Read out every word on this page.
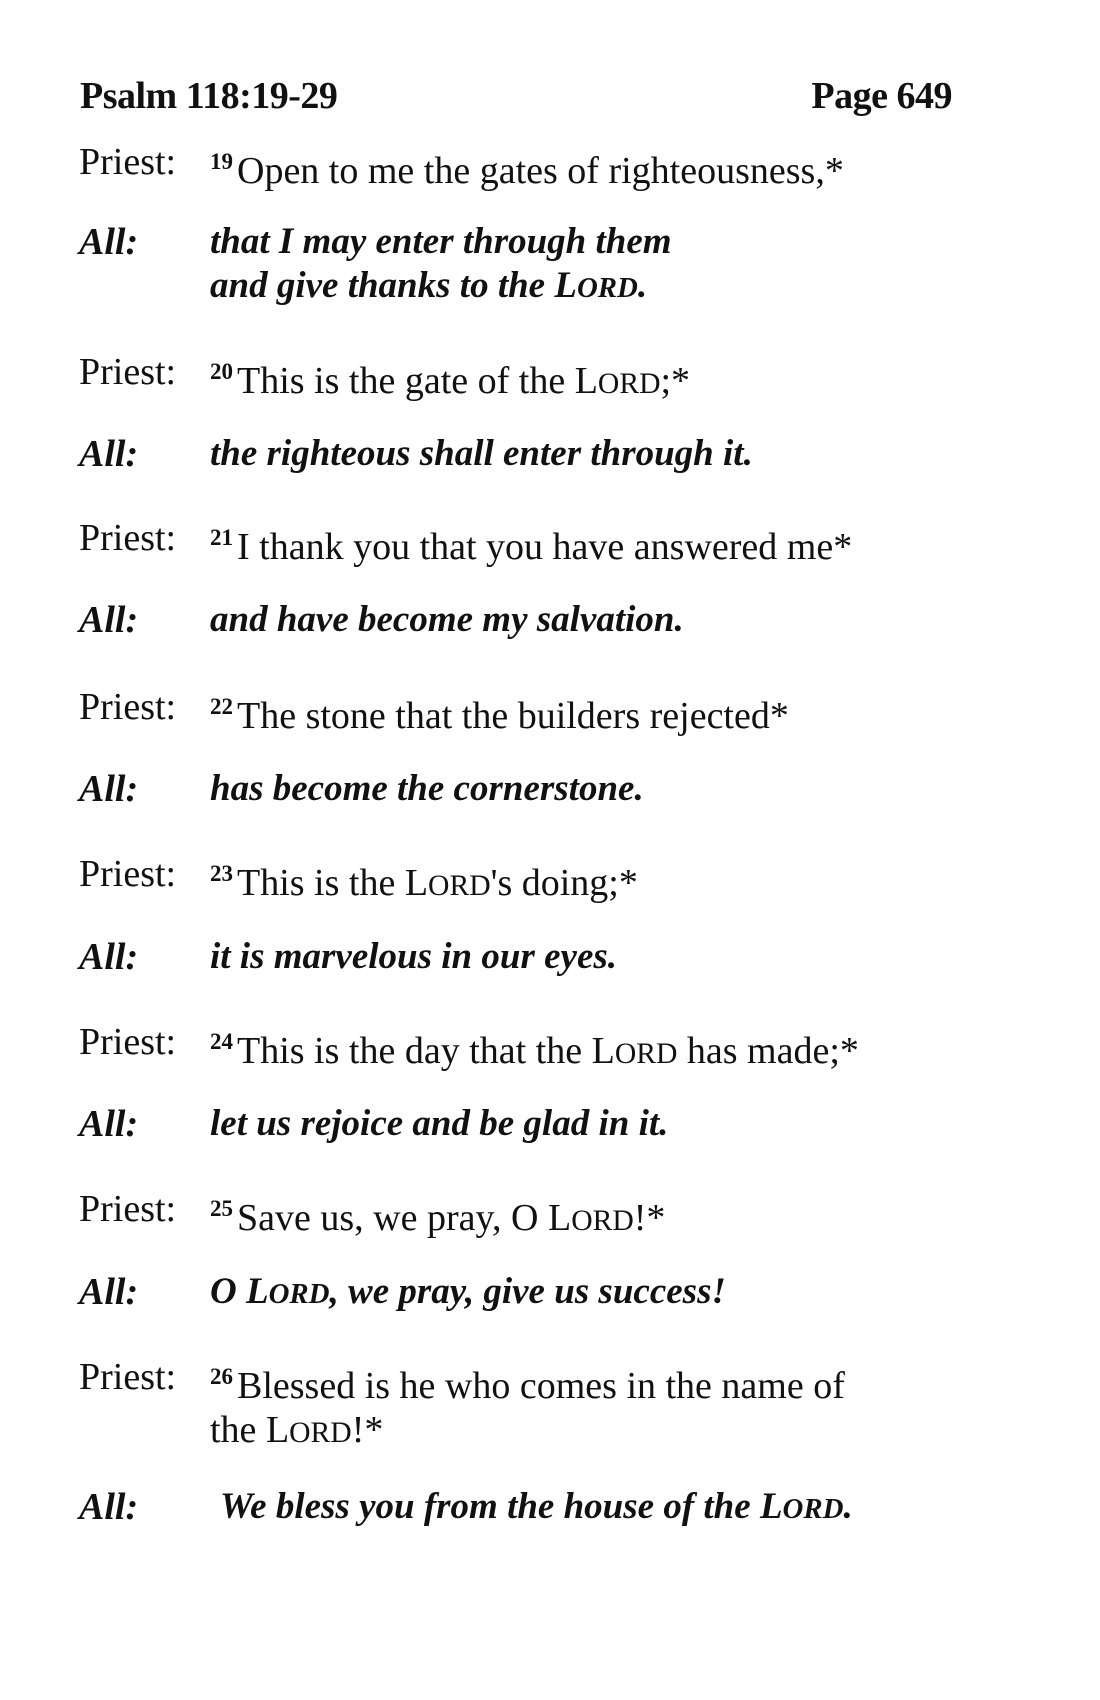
Psalm 118:19-29	Page 649
Priest: $^{19}$ Open to me the gates of righteousness,*
All: that I may enter through them
and give thanks to the LORD.
Priest: $^{20}$ This is the gate of the LORD;*
All: the righteous shall enter through it.
Priest: $^{21}$ I thank you that you have answered me*
All: and have become my salvation.
Priest: $^{22}$ The stone that the builders rejected*
All: has become the cornerstone.
Priest: $^{23}$ This is the LORD's doing;*
All: it is marvelous in our eyes.
Priest: $^{24}$ This is the day that the LORD has made;*
All: let us rejoice and be glad in it.
Priest: $^{25}$ Save us, we pray, O LORD!*
All: O LORD, we pray, give us success!
Priest: $^{26}$ Blessed is he who comes in the name of
the LORD!*
All: We bless you from the house of the LORD.
